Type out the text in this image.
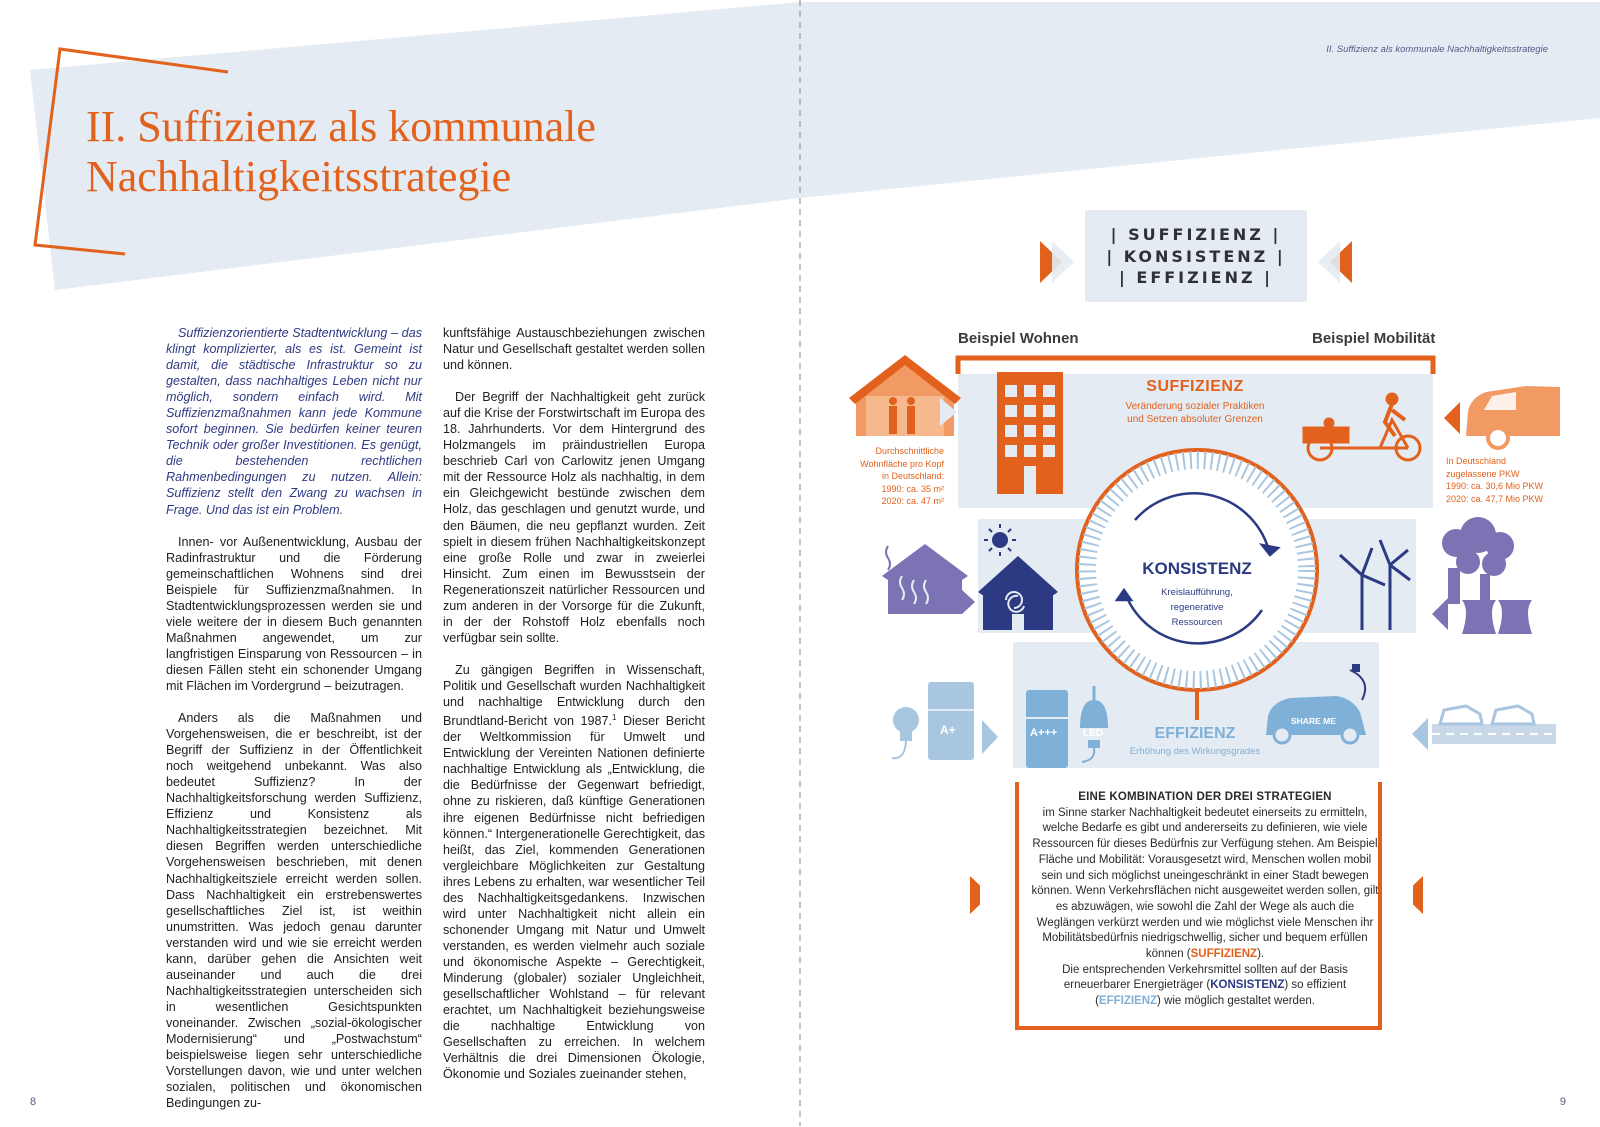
II. Suffizienz als kommunale
Nachhaltigkeitsstrategie

Suffizienzorientierte Stadtentwicklung – das klingt komplizierter, als es ist. Gemeint ist damit, die städtische Infrastruktur so zu gestalten, dass nachhaltiges Leben nicht nur möglich, sondern einfach wird. Mit Suffizienzmaßnahmen kann jede Kommune sofort beginnen. Sie bedürfen keiner teuren Technik oder großer Investitionen. Es genügt, die bestehenden rechtlichen Rahmenbedingungen zu nutzen. Allein: Suffizienz stellt den Zwang zu wachsen in Frage. Und das ist ein Problem.

Innen- vor Außenentwicklung, Ausbau der Radinfrastruktur und die Förderung gemeinschaftlichen Wohnens sind drei Beispiele für Suffizienzmaßnahmen. In Stadtentwicklungsprozessen werden sie und viele weitere der in diesem Buch genannten Maßnahmen angewendet, um zur langfristigen Einsparung von Ressourcen – in diesen Fällen steht ein schonender Umgang mit Flächen im Vordergrund – beizutragen.

Anders als die Maßnahmen und Vorgehensweisen, die er beschreibt, ist der Begriff der Suffizienz in der Öffentlichkeit noch weitgehend unbekannt. Was also bedeutet Suffizienz? In der Nachhaltigkeitsforschung werden Suffizienz, Effizienz und Konsistenz als Nachhaltigkeitsstrategien bezeichnet. Mit diesen Begriffen werden unterschiedliche Vorgehensweisen beschrieben, mit denen Nachhaltigkeitsziele erreicht werden sollen. Dass Nachhaltigkeit ein erstrebenswertes gesellschaftliches Ziel ist, ist weithin unumstritten. Was jedoch genau darunter verstanden wird und wie sie erreicht werden kann, darüber gehen die Ansichten weit auseinander und auch die drei Nachhaltigkeitsstrategien unterscheiden sich in wesentlichen Gesichtspunkten voneinander. Zwischen „sozial-ökologischer Modernisierung“ und „Postwachstum“ beispielsweise liegen sehr unterschiedliche Vorstellungen davon, wie und unter welchen sozialen, politischen und ökonomischen Bedingungen zu-

kunftsfähige Austauschbeziehungen zwischen Natur und Gesellschaft gestaltet werden sollen und können.

Der Begriff der Nachhaltigkeit geht zurück auf die Krise der Forstwirtschaft im Europa des 18. Jahrhunderts. Vor dem Hintergrund des Holzmangels im präindustriellen Europa beschrieb Carl von Carlowitz jenen Umgang mit der Ressource Holz als nachhaltig, in dem ein Gleichgewicht bestünde zwischen dem Holz, das geschlagen und genutzt wurde, und den Bäumen, die neu gepflanzt wurden. Zeit spielt in diesem frühen Nachhaltigkeitskonzept eine große Rolle und zwar in zweierlei Hinsicht. Zum einen im Bewusstsein der Regenerationszeit natürlicher Ressourcen und zum anderen in der Vorsorge für die Zukunft, in der der Rohstoff Holz ebenfalls noch verfügbar sein sollte.

Zu gängigen Begriffen in Wissenschaft, Politik und Gesellschaft wurden Nachhaltigkeit und nachhaltige Entwicklung durch den Brundtland-Bericht von 1987.$^1$ Dieser Bericht der Weltkommission für Umwelt und Entwicklung der Vereinten Nationen definierte nachhaltige Entwicklung als „Entwicklung, die die Bedürfnisse der Gegenwart befriedigt, ohne zu riskieren, daß künftige Generationen ihre eigenen Bedürfnisse nicht befriedigen können.“ Intergenerationelle Gerechtigkeit, das heißt, das Ziel, kommenden Generationen vergleichbare Möglichkeiten zur Gestaltung ihres Lebens zu erhalten, war wesentlicher Teil des Nachhaltigkeitsgedankens. Inzwischen wird unter Nachhaltigkeit nicht allein ein schonender Umgang mit Natur und Umwelt verstanden, es werden vielmehr auch soziale und ökonomische Aspekte – Gerechtigkeit, Minderung (globaler) sozialer Ungleichheit, gesellschaftlicher Wohlstand – für relevant erachtet, um Nachhaltigkeit beziehungsweise die nachhaltige Entwicklung von Gesellschaften zu erreichen. In welchem Verhältnis die drei Dimensionen Ökologie, Ökonomie und Soziales zueinander stehen,

8	9
II. Suffizienz als kommunale Nachhaltigkeitsstrategie
| SUFFIZIENZ |
| KONSISTENZ |
| EFFIZIENZ |
Beispiel Wohnen	Beispiel Mobilität
SUFFIZIENZ
Veränderung sozialer Praktiken
und Setzen absoluter Grenzen
Durchschnittliche
Wohnfläche pro Kopf
in Deutschland:
1990: ca. 35 m²
2020: ca. 47 m²
In Deutschland
zugelassene PKW
1990: ca. 30,6 Mio PKW
2020: ca. 47,7 Mio PKW
KONSISTENZ
Kreislaufführung,
regenerative
Ressourcen
EFFIZIENZ
Erhöhung des Wirkungsgrades
A+	A+++	LED
SHARE ME
EINE KOMBINATION DER DREI STRATEGIEN
im Sinne starker Nachhaltigkeit bedeutet einerseits zu ermitteln, welche Bedarfe es gibt und andererseits zu definieren, wie viele Ressourcen für dieses Bedürfnis zur Verfügung stehen. Am Beispiel Fläche und Mobilität: Vorausgesetzt wird, Menschen wollen mobil sein und sich möglichst uneingeschränkt in einer Stadt bewegen können. Wenn Verkehrsflächen nicht ausgeweitet werden sollen, gilt es abzuwägen, wie sowohl die Zahl der Wege als auch die Weglängen verkürzt werden und wie möglichst viele Menschen ihr Mobilitätsbedürfnis niedrigschwellig, sicher und bequem erfüllen können (SUFFIZIENZ).
Die entsprechenden Verkehrsmittel sollten auf der Basis erneuerbarer Energieträger (KONSISTENZ) so effizient (EFFIZIENZ) wie möglich gestaltet werden.
